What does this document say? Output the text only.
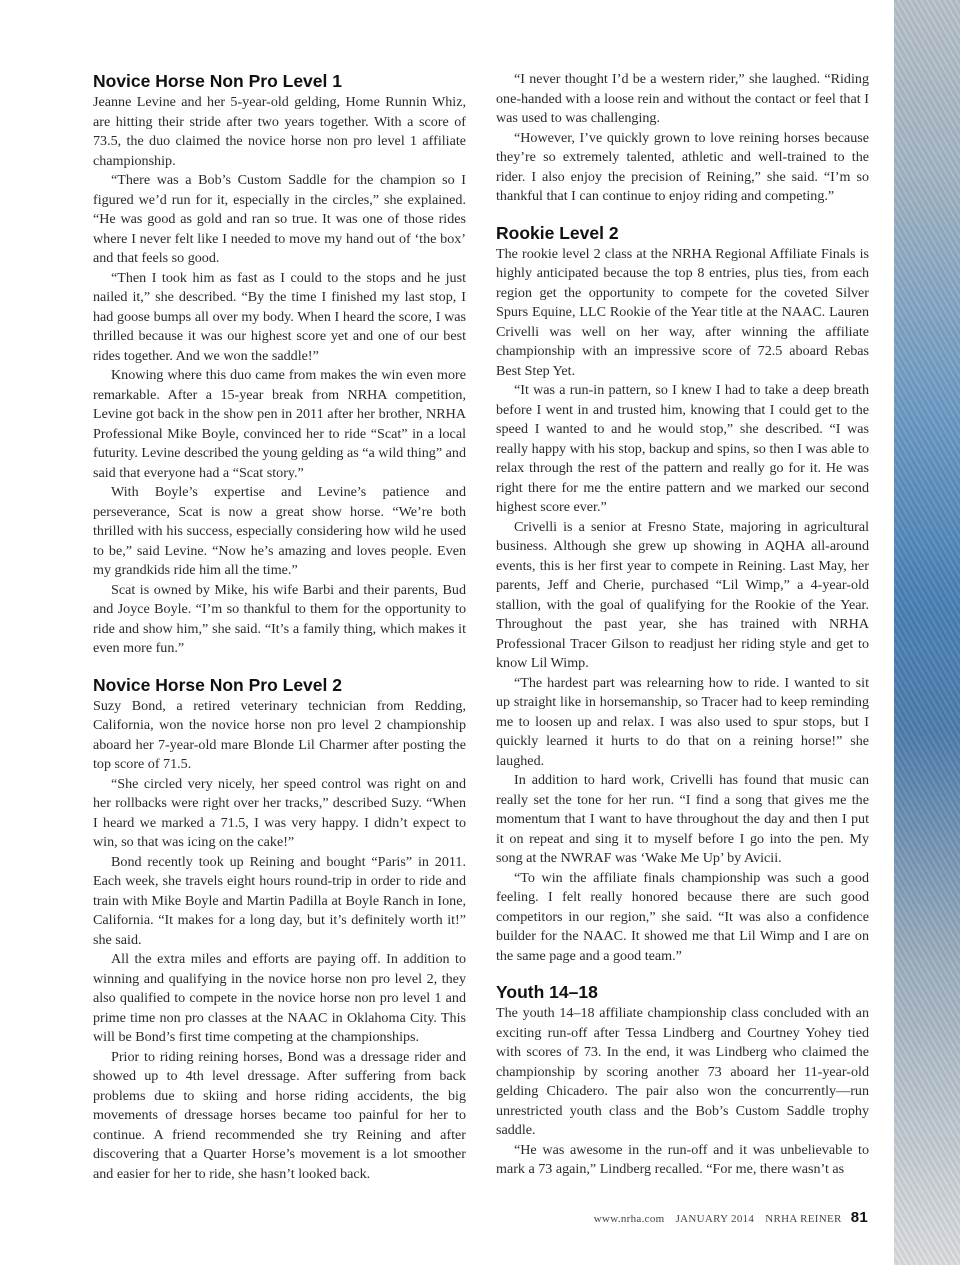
Novice Horse Non Pro Level 1

Jeanne Levine and her 5-year-old gelding, Home Runnin Whiz, are hitting their stride after two years together. With a score of 73.5, the duo claimed the novice horse non pro level 1 affiliate championship.

“There was a Bob’s Custom Saddle for the champion so I figured we’d run for it, especially in the circles,” she explained. “He was good as gold and ran so true. It was one of those rides where I never felt like I needed to move my hand out of ‘the box’ and that feels so good.

“Then I took him as fast as I could to the stops and he just nailed it,” she described. “By the time I finished my last stop, I had goose bumps all over my body. When I heard the score, I was thrilled because it was our highest score yet and one of our best rides together. And we won the saddle!”

Knowing where this duo came from makes the win even more remarkable. After a 15-year break from NRHA competition, Levine got back in the show pen in 2011 after her brother, NRHA Professional Mike Boyle, convinced her to ride “Scat” in a local futurity. Levine described the young gelding as “a wild thing” and said that everyone had a “Scat story.”

With Boyle’s expertise and Levine’s patience and perseverance, Scat is now a great show horse. “We’re both thrilled with his success, especially considering how wild he used to be,” said Levine. “Now he’s amazing and loves people. Even my grandkids ride him all the time.”

Scat is owned by Mike, his wife Barbi and their parents, Bud and Joyce Boyle. “I’m so thankful to them for the opportunity to ride and show him,” she said. “It’s a family thing, which makes it even more fun.”

Novice Horse Non Pro Level 2

Suzy Bond, a retired veterinary technician from Redding, California, won the novice horse non pro level 2 championship aboard her 7-year-old mare Blonde Lil Charmer after posting the top score of 71.5.

“She circled very nicely, her speed control was right on and her rollbacks were right over her tracks,” described Suzy. “When I heard we marked a 71.5, I was very happy. I didn’t expect to win, so that was icing on the cake!”

Bond recently took up Reining and bought “Paris” in 2011. Each week, she travels eight hours round-trip in order to ride and train with Mike Boyle and Martin Padilla at Boyle Ranch in Ione, California. “It makes for a long day, but it’s definitely worth it!” she said.

All the extra miles and efforts are paying off. In addition to winning and qualifying in the novice horse non pro level 2, they also qualified to compete in the novice horse non pro level 1 and prime time non pro classes at the NAAC in Oklahoma City. This will be Bond’s first time competing at the championships.

Prior to riding reining horses, Bond was a dressage rider and showed up to 4th level dressage. After suffering from back problems due to skiing and horse riding accidents, the big movements of dressage horses became too painful for her to continue. A friend recommended she try Reining and after discovering that a Quarter Horse’s movement is a lot smoother and easier for her to ride, she hasn’t looked back.

“I never thought I’d be a western rider,” she laughed. “Riding one-handed with a loose rein and without the contact or feel that I was used to was challenging.

“However, I’ve quickly grown to love reining horses because they’re so extremely talented, athletic and well-trained to the rider. I also enjoy the precision of Reining,” she said. “I’m so thankful that I can continue to enjoy riding and competing.”

Rookie Level 2

The rookie level 2 class at the NRHA Regional Affiliate Finals is highly anticipated because the top 8 entries, plus ties, from each region get the opportunity to compete for the coveted Silver Spurs Equine, LLC Rookie of the Year title at the NAAC. Lauren Crivelli was well on her way, after winning the affiliate championship with an impressive score of 72.5 aboard Rebas Best Step Yet.

“It was a run-in pattern, so I knew I had to take a deep breath before I went in and trusted him, knowing that I could get to the speed I wanted to and he would stop,” she described. “I was really happy with his stop, backup and spins, so then I was able to relax through the rest of the pattern and really go for it. He was right there for me the entire pattern and we marked our second highest score ever.”

Crivelli is a senior at Fresno State, majoring in agricultural business. Although she grew up showing in AQHA all-around events, this is her first year to compete in Reining. Last May, her parents, Jeff and Cherie, purchased “Lil Wimp,” a 4-year-old stallion, with the goal of qualifying for the Rookie of the Year. Throughout the past year, she has trained with NRHA Professional Tracer Gilson to readjust her riding style and get to know Lil Wimp.

“The hardest part was relearning how to ride. I wanted to sit up straight like in horsemanship, so Tracer had to keep reminding me to loosen up and relax. I was also used to spur stops, but I quickly learned it hurts to do that on a reining horse!” she laughed.

In addition to hard work, Crivelli has found that music can really set the tone for her run. “I find a song that gives me the momentum that I want to have throughout the day and then I put it on repeat and sing it to myself before I go into the pen. My song at the NWRAF was ‘Wake Me Up’ by Avicii.

“To win the affiliate finals championship was such a good feeling. I felt really honored because there are such good competitors in our region,” she said. “It was also a confidence builder for the NAAC. It showed me that Lil Wimp and I are on the same page and a good team.”

Youth 14–18

The youth 14–18 affiliate championship class concluded with an exciting run-off after Tessa Lindberg and Courtney Yohey tied with scores of 73. In the end, it was Lindberg who claimed the championship by scoring another 73 aboard her 11-year-old gelding Chicadero. The pair also won the concurrently—run unrestricted youth class and the Bob’s Custom Saddle trophy saddle.

“He was awesome in the run-off and it was unbelievable to mark a 73 again,” Lindberg recalled. “For me, there wasn’t as

www.nrha.com JANUARY 2014 NRHA REINER 81
